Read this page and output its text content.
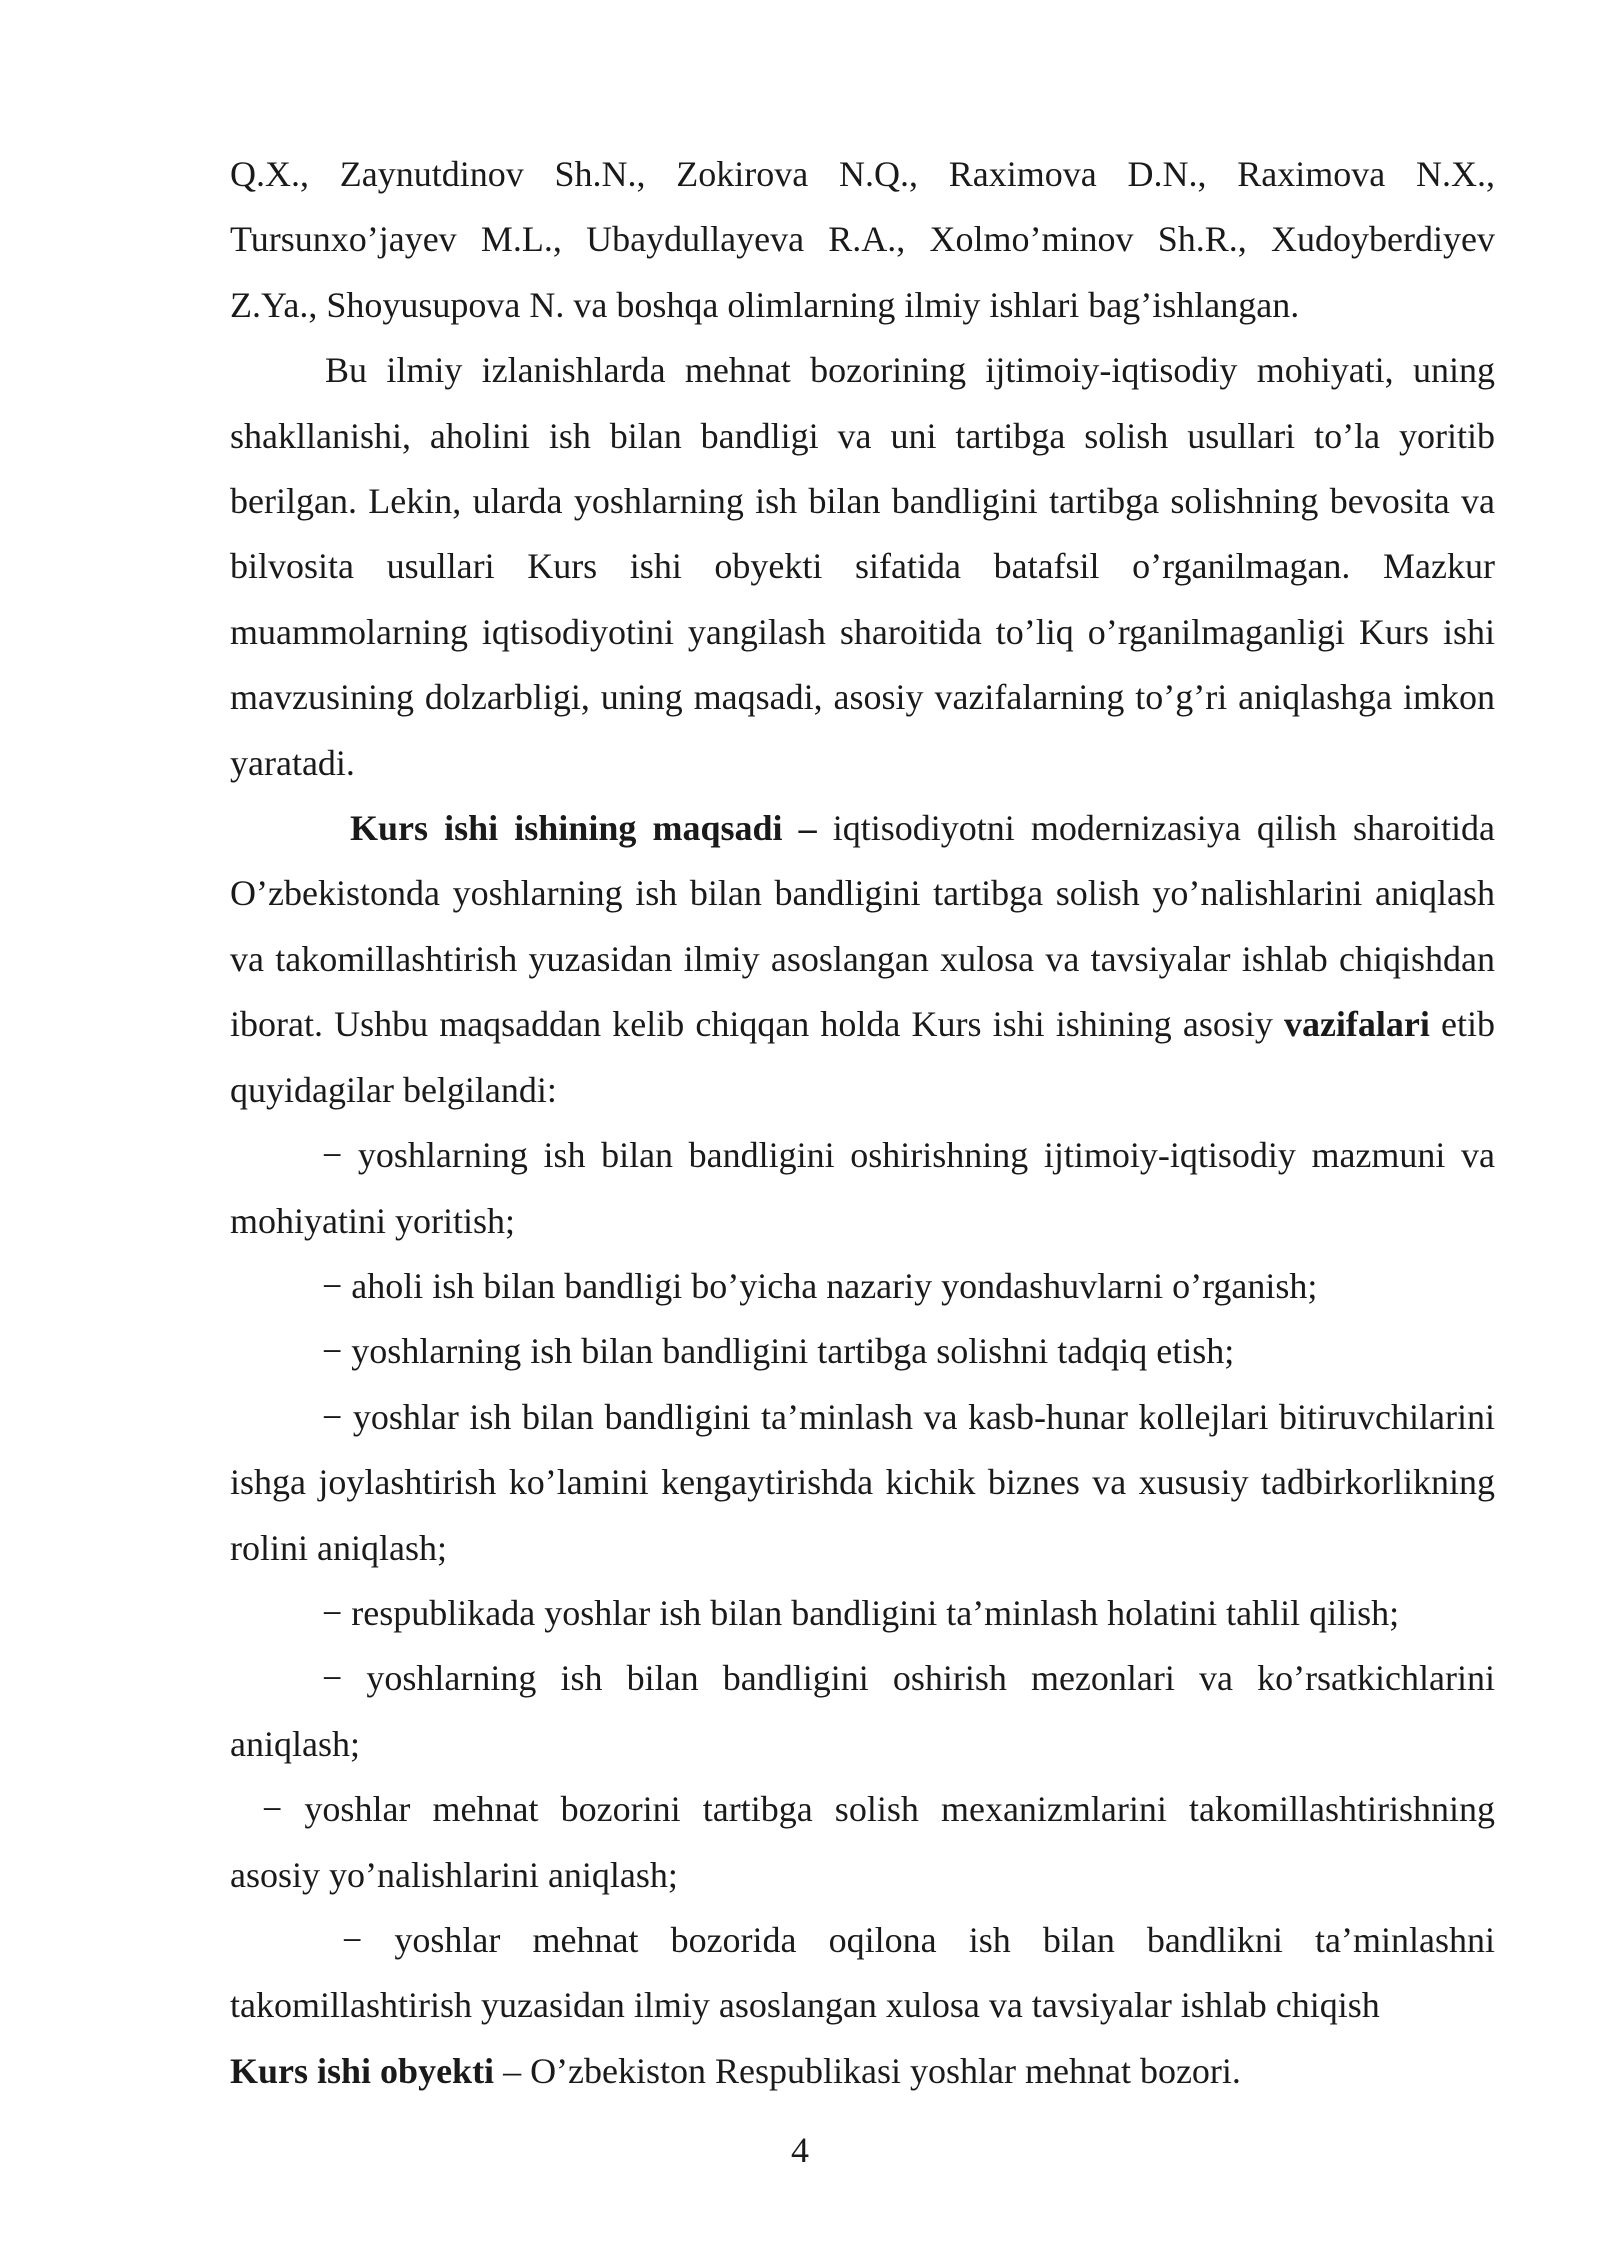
Q.X., Zaynutdinov Sh.N., Zokirova N.Q., Raximova D.N., Raximova N.X., Tursunxo’jayev M.L., Ubaydullayeva R.A., Xolmo’minov Sh.R., Xudoyberdiyev Z.Ya., Shoyusupova N. va boshqa olimlarning ilmiy ishlari bag’ishlangan.

Bu ilmiy izlanishlarda mehnat bozorining ijtimoiy-iqtisodiy mohiyati, uning shakllanishi, aholini ish bilan bandligi va uni tartibga solish usullari to’la yoritib berilgan. Lekin, ularda yoshlarning ish bilan bandligini tartibga solishning bevosita va bilvosita usullari Kurs ishi obyekti sifatida batafsil o’rganilmagan. Mazkur muammolarning iqtisodiyotini yangilash sharoitida to’liq o’rganilmaganligi Kurs ishi mavzusining dolzarbligi, uning maqsadi, asosiy vazifalarning to’g’ri aniqlashga imkon yaratadi.

Kurs ishi ishining maqsadi – iqtisodiyotni modernizasiya qilish sharoitida O’zbekistonda yoshlarning ish bilan bandligini tartibga solish yo’nalishlarini aniqlash va takomillashtirish yuzasidan ilmiy asoslangan xulosa va tavsiyalar ishlab chiqishdan iborat. Ushbu maqsaddan kelib chiqqan holda Kurs ishi ishining asosiy vazifalari etib quyidagilar belgilandi:

− yoshlarning ish bilan bandligini oshirishning ijtimoiy-iqtisodiy mazmuni va mohiyatini yoritish;

− aholi ish bilan bandligi bo’yicha nazariy yondashuvlarni o’rganish;

− yoshlarning ish bilan bandligini tartibga solishni tadqiq etish;

− yoshlar ish bilan bandligini ta’minlash va kasb-hunar kollejlari bitiruvchilarini ishga joylashtirish ko’lamini kengaytirishda kichik biznes va xususiy tadbirkorlikning rolini aniqlash;

− respublikada yoshlar ish bilan bandligini ta’minlash holatini tahlil qilish;

− yoshlarning ish bilan bandligini oshirish mezonlari va ko’rsatkichlarini aniqlash;

− yoshlar mehnat bozorini tartibga solish mexanizmlarini takomillashtirishning asosiy yo’nalishlarini aniqlash;

− yoshlar mehnat bozorida oqilona ish bilan bandlikni ta’minlashni takomillashtirish yuzasidan ilmiy asoslangan xulosa va tavsiyalar ishlab chiqish

Kurs ishi obyekti – O’zbekiston Respublikasi yoshlar mehnat bozori.

4
